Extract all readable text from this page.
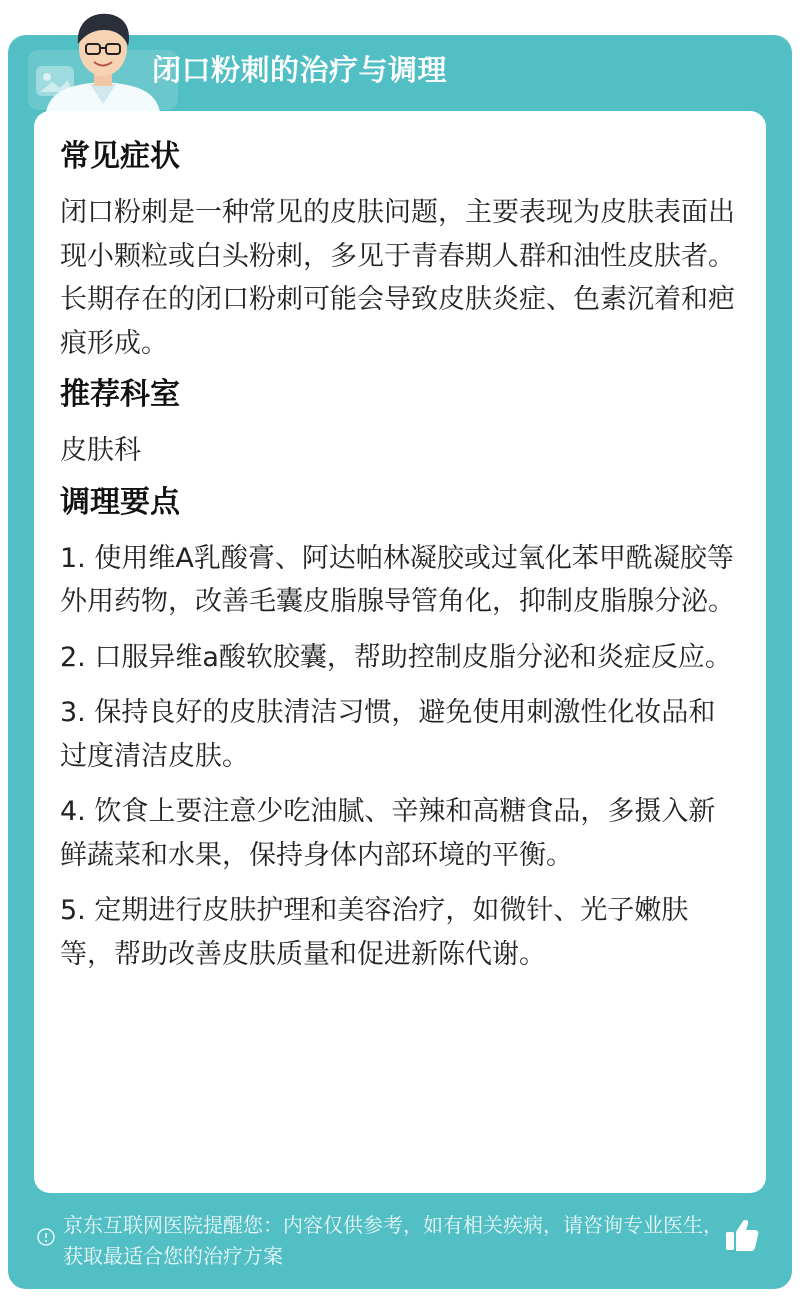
闭口粉刺的治疗与调理
常见症状
闭口粉刺是一种常见的皮肤问题，主要表现为皮肤表面出现小颗粒或白头粉刺，多见于青春期人群和油性皮肤者。长期存在的闭口粉刺可能会导致皮肤炎症、色素沉着和疤痕形成。
推荐科室
皮肤科
调理要点
1. 使用维A乳酸膏、阿达帕林凝胶或过氧化苯甲酰凝胶等外用药物，改善毛囊皮脂腺导管角化，抑制皮脂腺分泌。
2. 口服异维a酸软胶囊，帮助控制皮脂分泌和炎症反应。
3. 保持良好的皮肤清洁习惯，避免使用刺激性化妆品和过度清洁皮肤。
4. 饮食上要注意少吃油腻、辛辣和高糖食品，多摄入新鲜蔬菜和水果，保持身体内部环境的平衡。
5. 定期进行皮肤护理和美容治疗，如微针、光子嫩肤等，帮助改善皮肤质量和促进新陈代谢。
京东互联网医院提醒您：内容仅供参考，如有相关疾病，请咨询专业医生，获取最适合您的治疗方案
